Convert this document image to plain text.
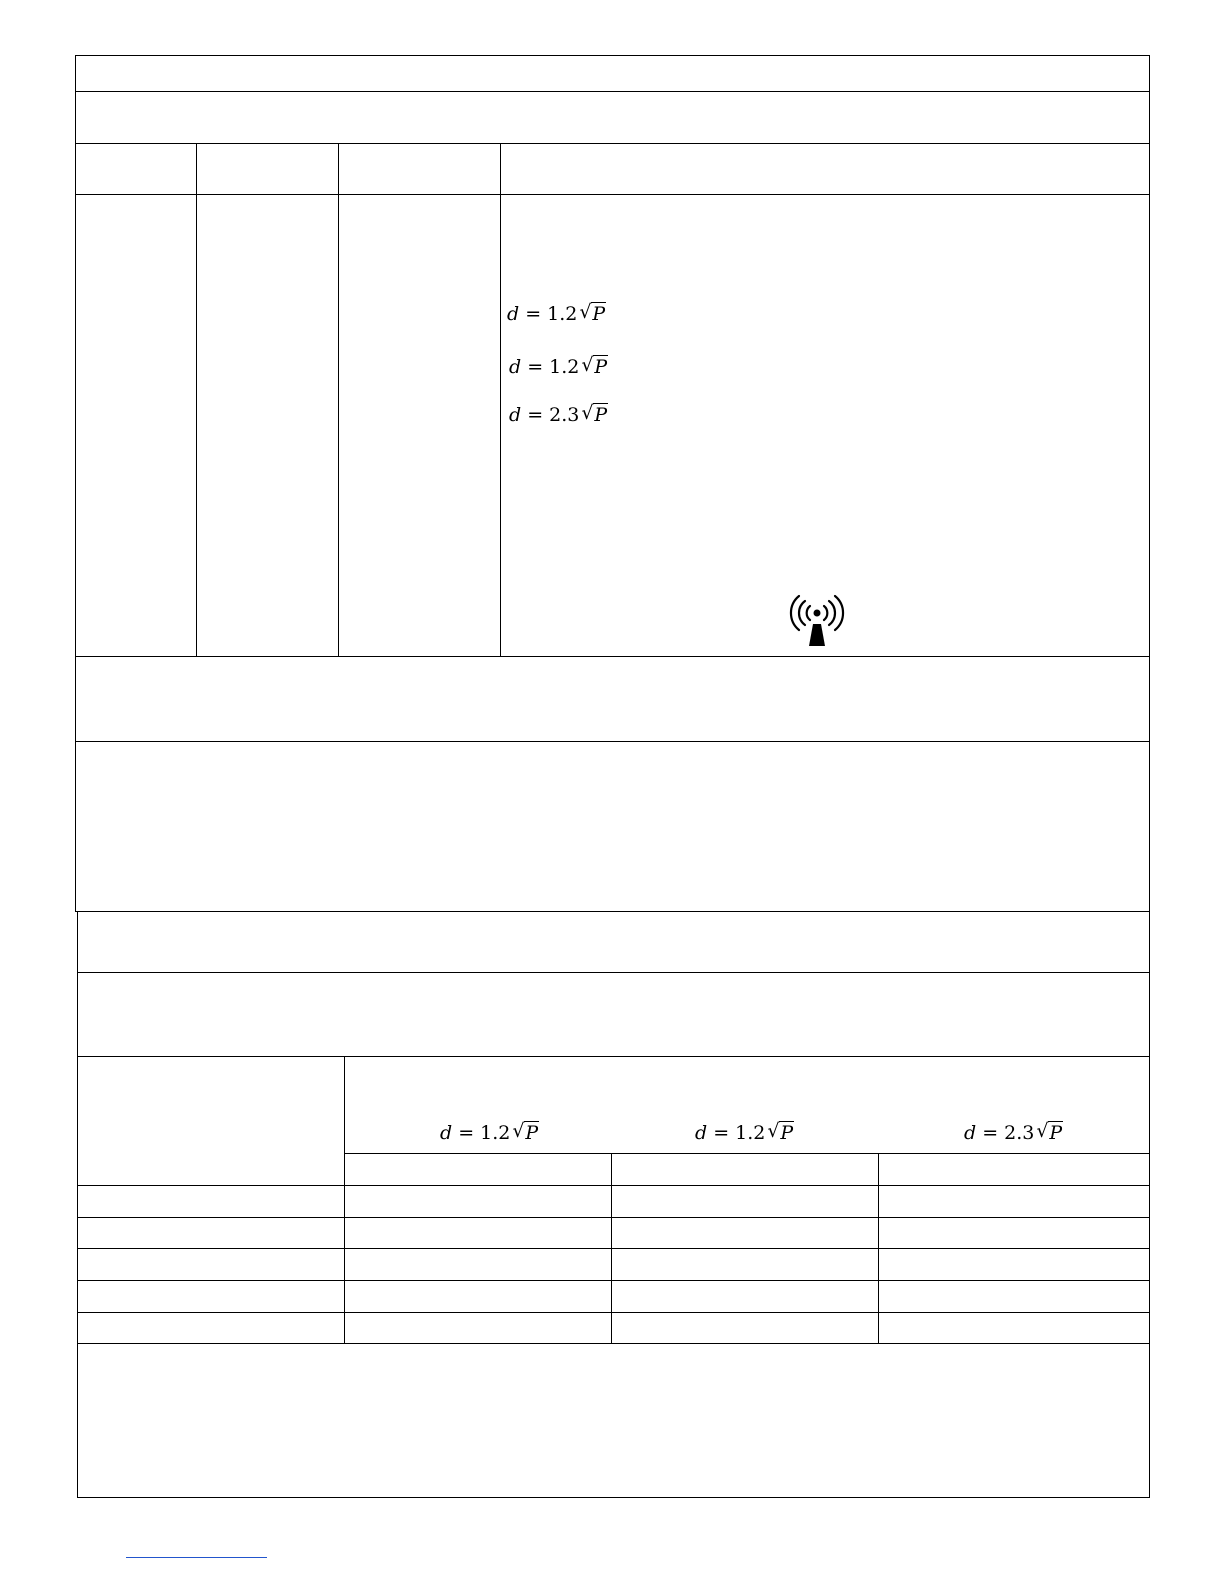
d = 1.2 √ P
d = 1.2 √ P
d = 2.3 √ P
d = 1.2 √ P	d = 1.2 √ P	d = 2.3 √ P
